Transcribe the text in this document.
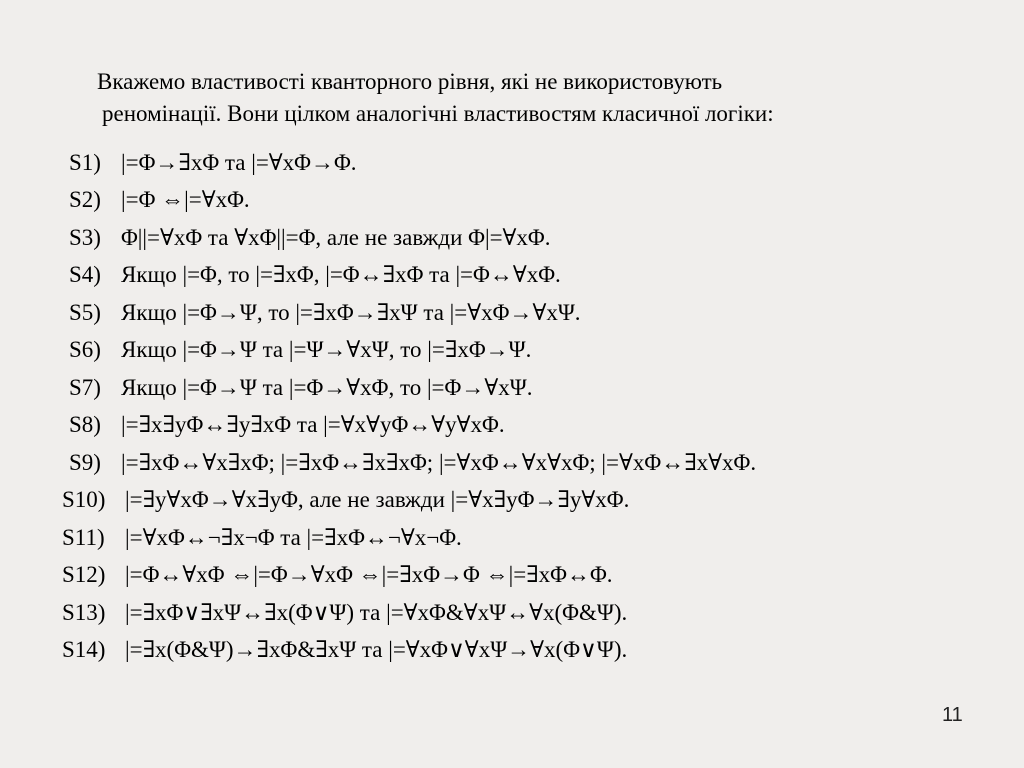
Вкажемо властивості кванторного рівня, які не використовують
реномінації. Вони цілком аналогічні властивостям класичної логіки:
S1) |=Φ→∃xΦ та |=∀xΦ→Φ.
S2) |=Φ ⇔|=∀xΦ.
S3) Φ||=∀xΦ та ∀xΦ||=Φ, але не завжди Φ|=∀xΦ.
S4) Якщо |=Φ, то |=∃xΦ, |=Φ↔∃xΦ та |=Φ↔∀xΦ.
S5) Якщо |=Φ→Ψ, то |=∃xΦ→∃xΨ та |=∀xΦ→∀xΨ.
S6) Якщо |=Φ→Ψ та |=Ψ→∀xΨ, то |=∃xΦ→Ψ.
S7) Якщо |=Φ→Ψ та |=Φ→∀xΦ, то |=Φ→∀xΨ.
S8) |=∃x∃yΦ↔∃y∃xΦ та |=∀x∀yΦ↔∀y∀xΦ.
S9) |=∃xΦ↔∀x∃xΦ; |=∃xΦ↔∃x∃xΦ; |=∀xΦ↔∀x∀xΦ; |=∀xΦ↔∃x∀xΦ.
S10) |=∃y∀xΦ→∀x∃yΦ, але не завжди |=∀x∃yΦ→∃y∀xΦ.
S11) |=∀xΦ↔¬∃x¬Φ та |=∃xΦ↔¬∀x¬Φ.
S12) |=Φ↔∀xΦ ⇔|=Φ→∀xΦ ⇔|=∃xΦ→Φ ⇔|=∃xΦ↔Φ.
S13) |=∃xΦ∨∃xΨ↔∃x(Φ∨Ψ) та |=∀xΦ&∀xΨ↔∀x(Φ&Ψ).
S14) |=∃x(Φ&Ψ)→∃xΦ&∃xΨ та |=∀xΦ∨∀xΨ→∀x(Φ∨Ψ).
11
